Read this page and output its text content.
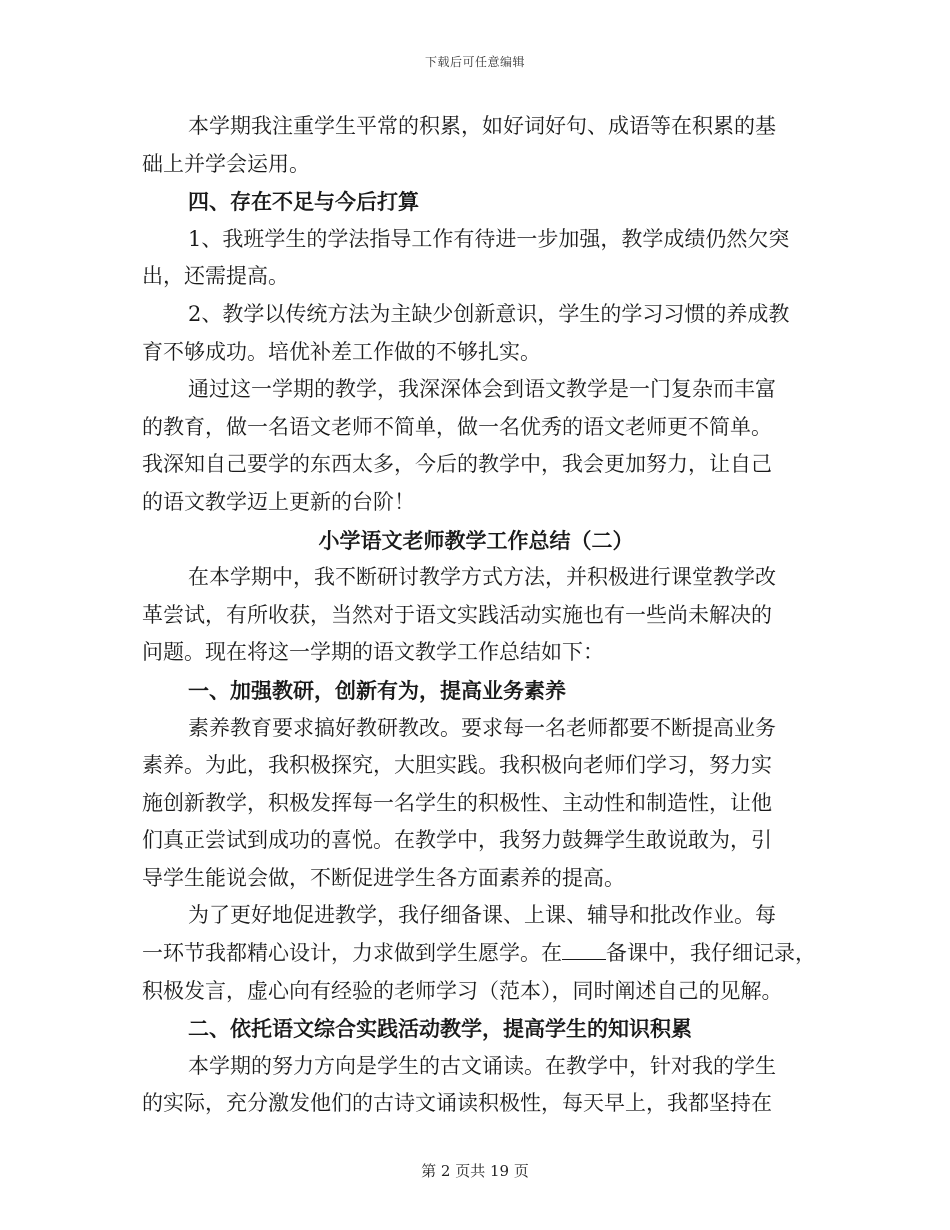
下载后可任意编辑

本学期我注重学生平常的积累，如好词好句、成语等在积累的基

础上并学会运用。

四、存在不足与今后打算

1、我班学生的学法指导工作有待进一步加强，教学成绩仍然欠突

出，还需提高。

2、教学以传统方法为主缺少创新意识，学生的学习习惯的养成教

育不够成功。培优补差工作做的不够扎实。

通过这一学期的教学，我深深体会到语文教学是一门复杂而丰富

的教育，做一名语文老师不简单，做一名优秀的语文老师更不简单。

我深知自己要学的东西太多，今后的教学中，我会更加努力，让自己

的语文教学迈上更新的台阶！

小学语文老师教学工作总结（二）

在本学期中，我不断研讨教学方式方法，并积极进行课堂教学改

革尝试，有所收获，当然对于语文实践活动实施也有一些尚未解决的

问题。现在将这一学期的语文教学工作总结如下：

一、加强教研，创新有为，提高业务素养

素养教育要求搞好教研教改。要求每一名老师都要不断提高业务

素养。为此，我积极探究，大胆实践。我积极向老师们学习，努力实

施创新教学，积极发挥每一名学生的积极性、主动性和制造性，让他

们真正尝试到成功的喜悦。在教学中，我努力鼓舞学生敢说敢为，引

导学生能说会做，不断促进学生各方面素养的提高。

为了更好地促进教学，我仔细备课、上课、辅导和批改作业。每

一环节我都精心设计，力求做到学生愿学。在 备课中，我仔细记录，

积极发言，虚心向有经验的老师学习（范本），同时阐述自己的见解。

二、依托语文综合实践活动教学，提高学生的知识积累

本学期的努力方向是学生的古文诵读。在教学中，针对我的学生

的实际，充分激发他们的古诗文诵读积极性，每天早上，我都坚持在

第 2 页共 19 页
